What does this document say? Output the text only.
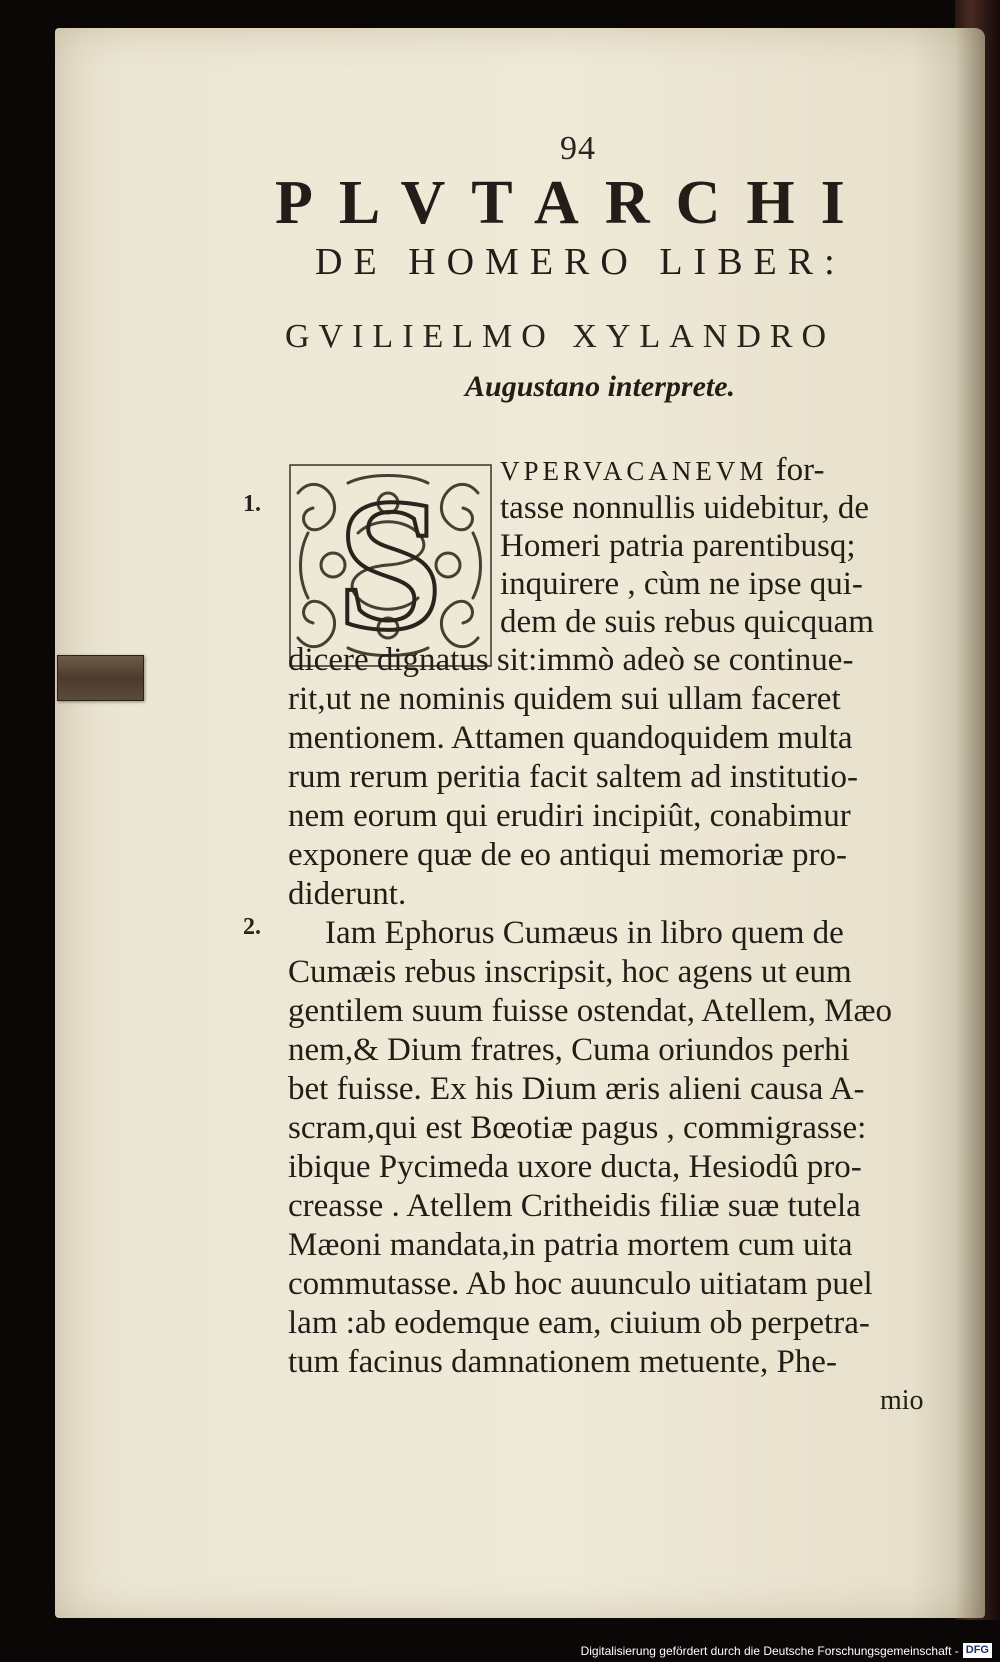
94
PLVTARCHI
DE HOMERO LIBER:
GVILIELMO XYLANDRO
Augustano interprete.
S
1.
2.
VPERVACANEVM for-
tasse nonnullis uidebitur, de
Homeri patria parentibusq;
inquirere , cùm ne ipse qui-
dem de suis rebus quicquam
dicere dignatus sit:immò adeò se continue-
rit,ut ne nominis quidem sui ullam faceret
mentionem. Attamen quandoquidem multa
rum rerum peritia facit saltem ad institutio-
nem eorum qui erudiri incipiût, conabimur
exponere quæ de eo antiqui memoriæ pro-
diderunt.
Iam Ephorus Cumæus in libro quem de
Cumæis rebus inscripsit, hoc agens ut eum
gentilem suum fuisse ostendat, Atellem, Mæo
nem,& Dium fratres, Cuma oriundos perhi
bet fuisse. Ex his Dium æris alieni causa A-
scram,qui est Bœotiæ pagus , commigrasse:
ibique Pycimeda uxore ducta, Hesiodû pro-
creasse . Atellem Critheidis filiæ suæ tutela
Mæoni mandata,in patria mortem cum uita
commutasse. Ab hoc auunculo uitiatam puel
lam :ab eodemque eam, ciuium ob perpetra-
tum facinus damnationem metuente, Phe-
mio
Digitalisierung gefördert durch die Deutsche Forschungsgemeinschaft - DFG
